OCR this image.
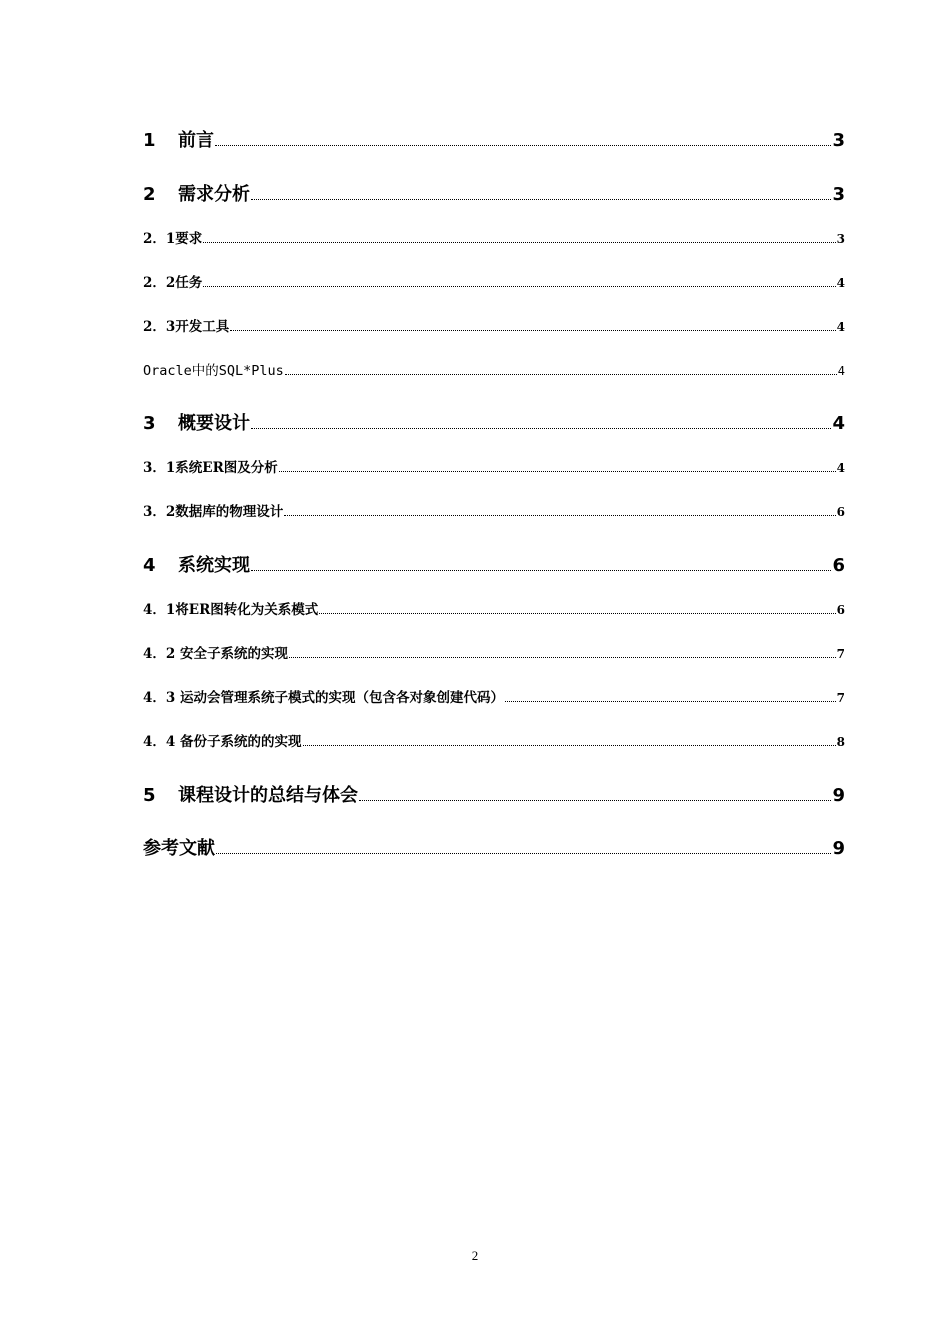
1 前言	3
2 需求分析	3
2．1要求	3
2．2任务	4
2．3开发工具	4
Oracle中的SQL*Plus	4
3 概要设计	4
3．1系统ER图及分析	4
3．2数据库的物理设计	6
4 系统实现	6
4．1将ER图转化为关系模式	6
4．2 安全子系统的实现	7
4．3 运动会管理系统子模式的实现（包含各对象创建代码）	7
4．4 备份子系统的的实现	8
5 课程设计的总结与体会	9
参考文献	9
2
